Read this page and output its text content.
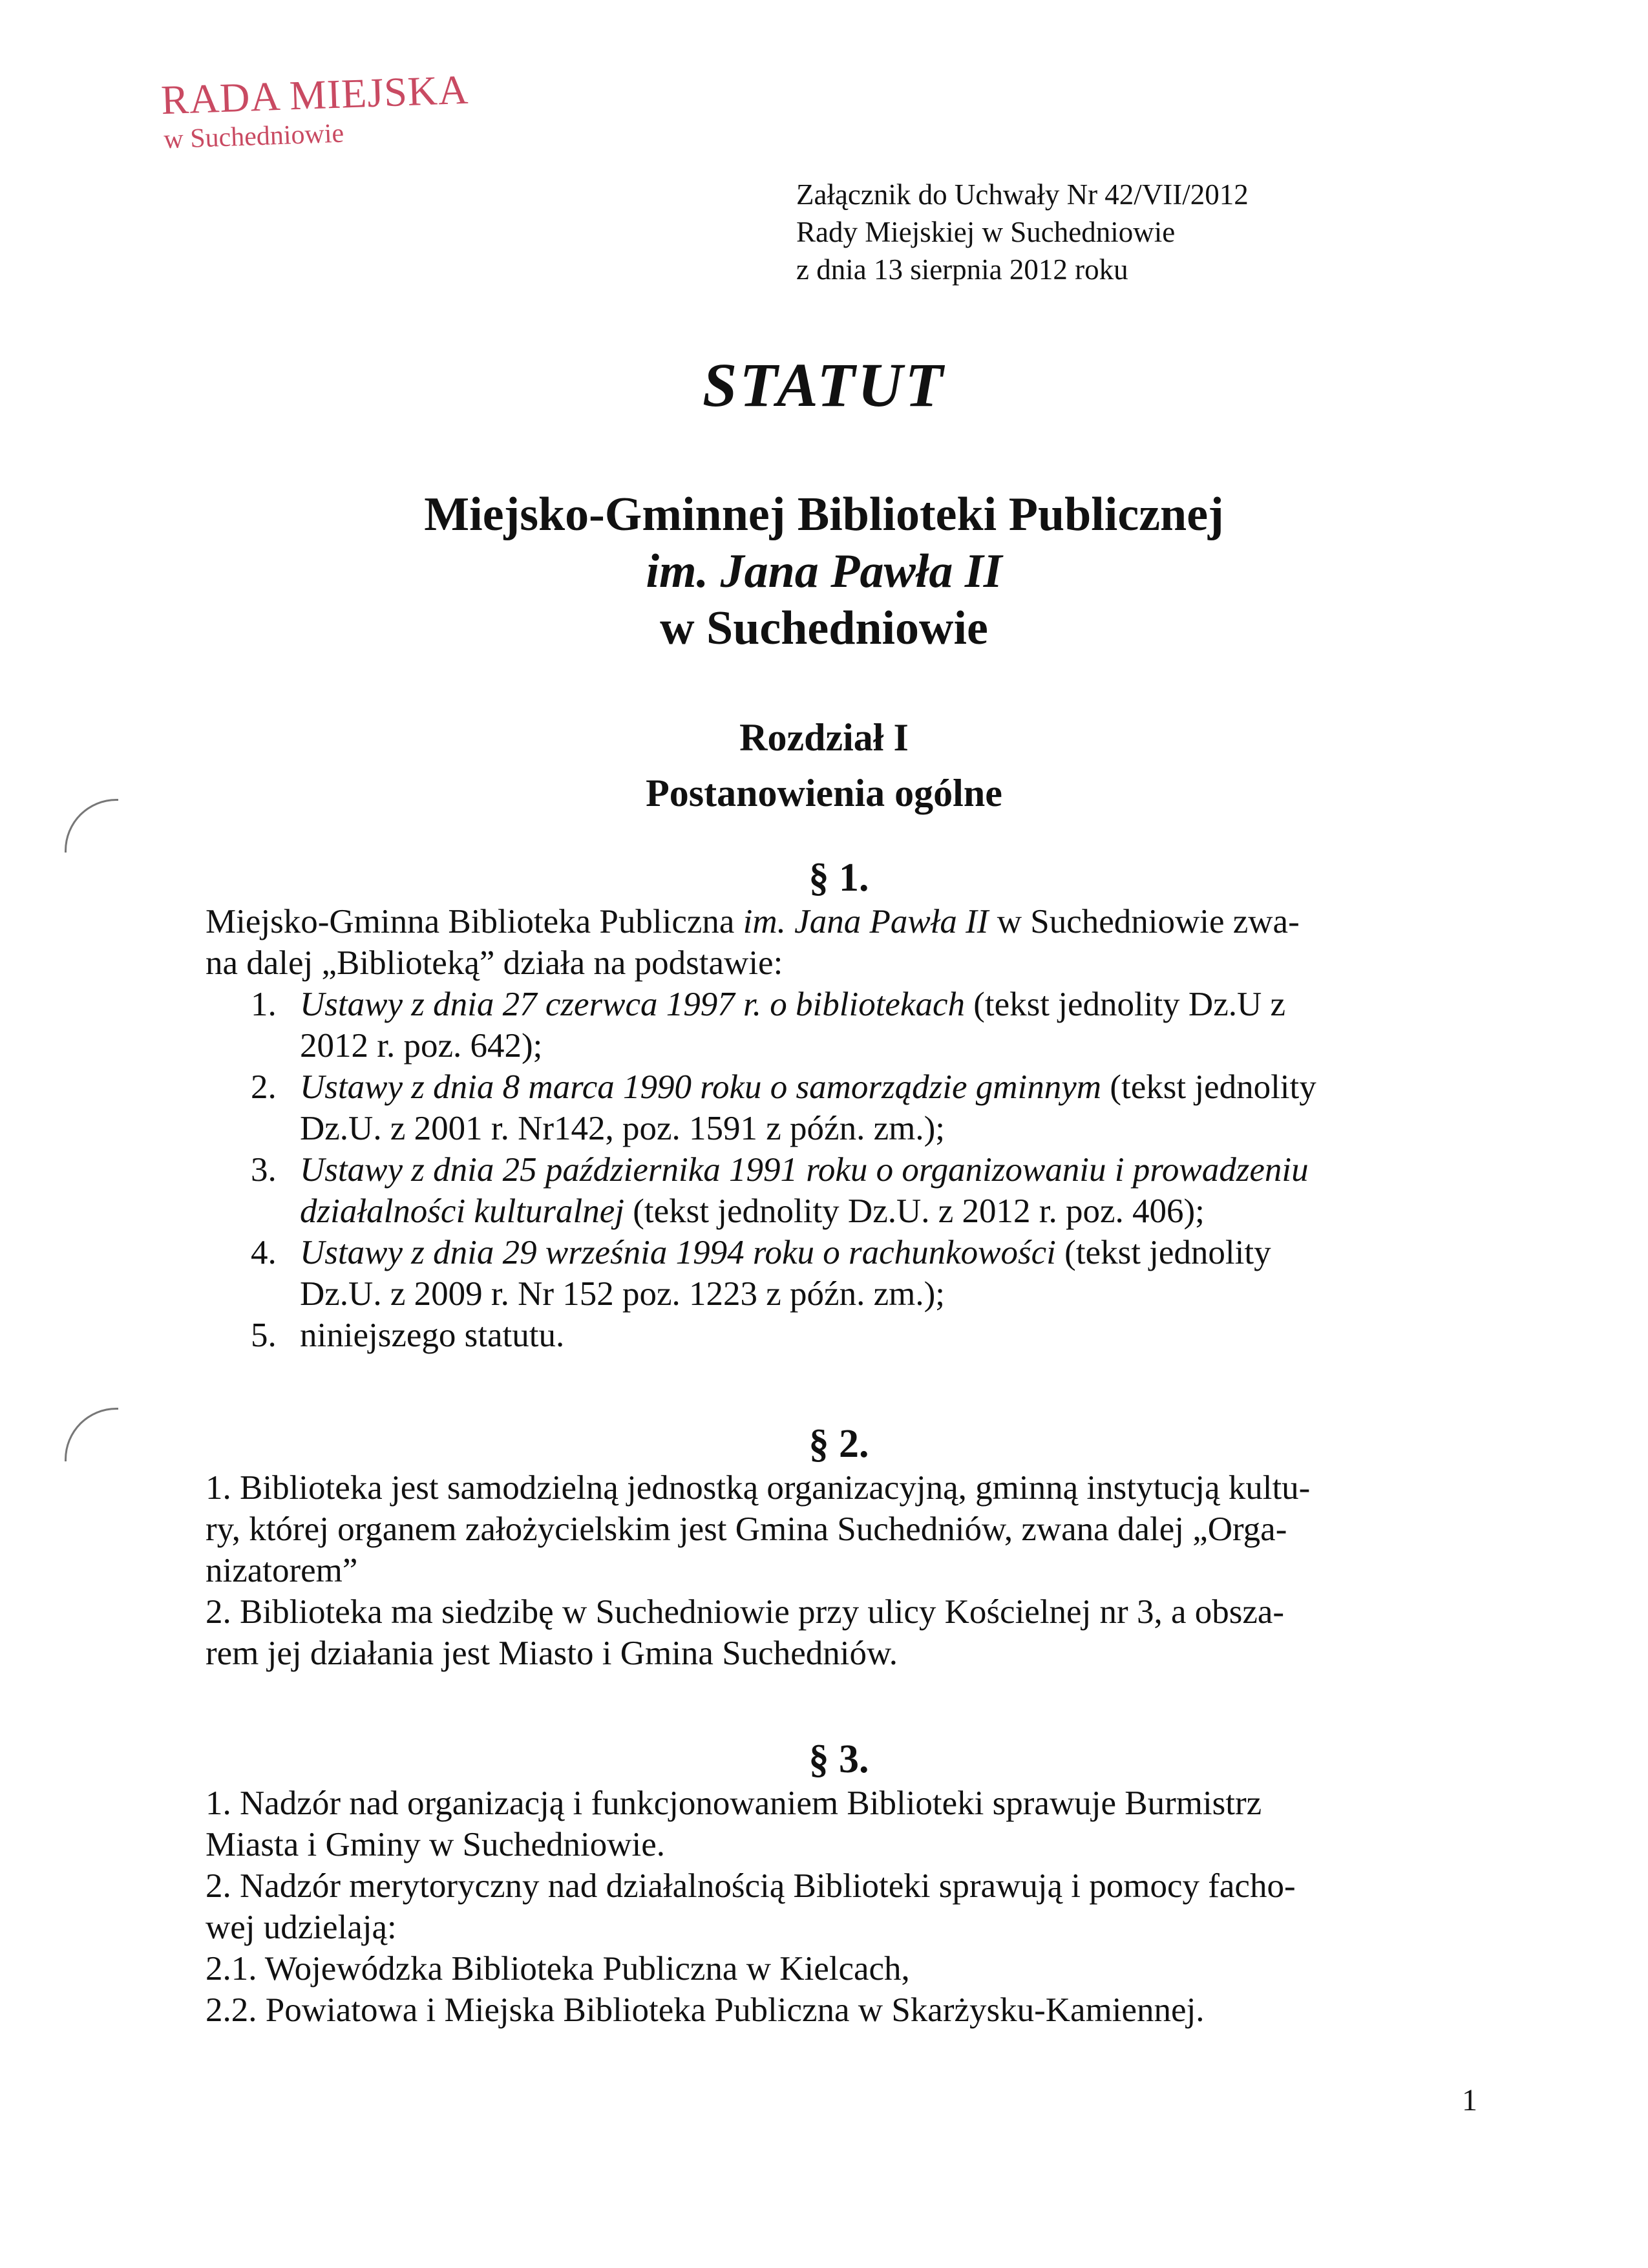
RADA MIEJSKA
w Suchedniowie
Załącznik do Uchwały Nr 42/VII/2012
Rady Miejskiej w Suchedniowie
z dnia 13 sierpnia 2012 roku
STATUT
Miejsko-Gminnej Biblioteki Publicznej
im. Jana Pawła II
w Suchedniowie
Rozdział I
Postanowienia ogólne
§ 1.
Miejsko-Gminna Biblioteka Publiczna im. Jana Pawła II w Suchedniowie zwa-
na dalej „Biblioteką” działa na podstawie:
1. Ustawy z dnia 27 czerwca 1997 r. o bibliotekach (tekst jednolity Dz.U z
2012 r. poz. 642);
2. Ustawy z dnia 8 marca 1990 roku o samorządzie gminnym (tekst jednolity
Dz.U. z 2001 r. Nr142, poz. 1591 z późn. zm.);
3. Ustawy z dnia 25 października 1991 roku o organizowaniu i prowadzeniu
działalności kulturalnej (tekst jednolity Dz.U. z 2012 r. poz. 406);
4. Ustawy z dnia 29 września 1994 roku o rachunkowości (tekst jednolity
Dz.U. z 2009 r. Nr 152 poz. 1223 z późn. zm.);
5. niniejszego statutu.
§ 2.
1. Biblioteka jest samodzielną jednostką organizacyjną, gminną instytucją kultu-
ry, której organem założycielskim jest Gmina Suchedniów, zwana dalej „Orga-
nizatorem”
2. Biblioteka ma siedzibę w Suchedniowie przy ulicy Kościelnej nr 3, a obsza-
rem jej działania jest Miasto i Gmina Suchedniów.
§ 3.
1. Nadzór nad organizacją i funkcjonowaniem Biblioteki sprawuje Burmistrz
Miasta i Gminy w Suchedniowie.
2. Nadzór merytoryczny nad działalnością Biblioteki sprawują i pomocy facho-
wej udzielają:
2.1. Wojewódzka Biblioteka Publiczna w Kielcach,
2.2. Powiatowa i Miejska Biblioteka Publiczna w Skarżysku-Kamiennej.
1
